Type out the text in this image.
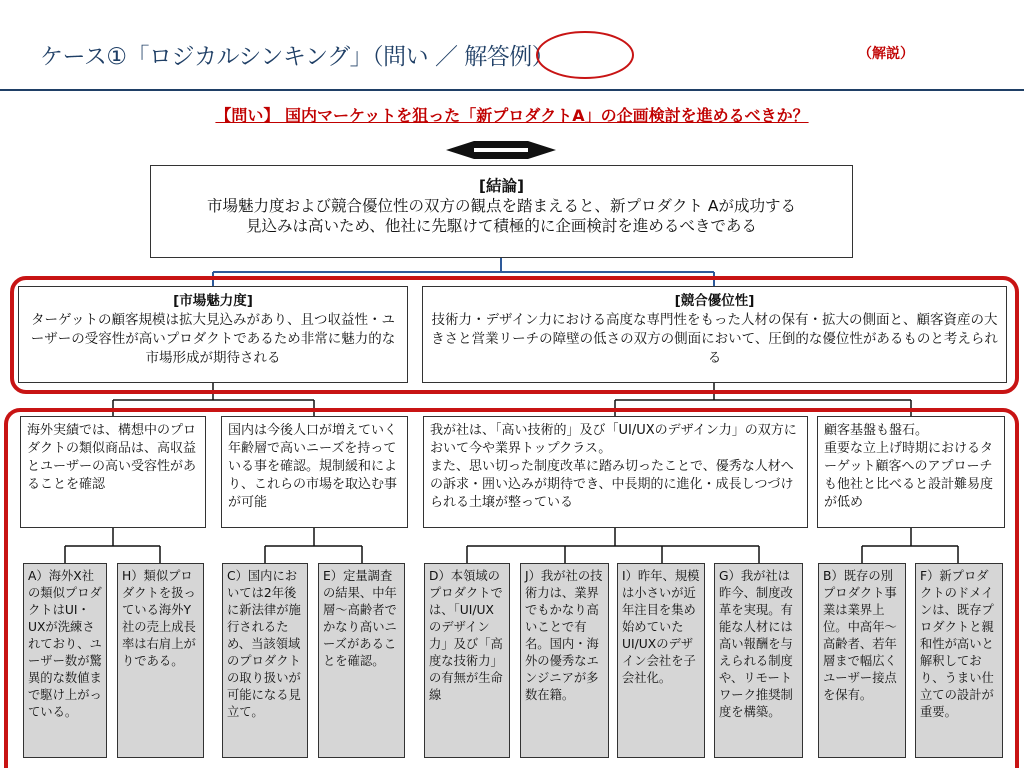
ケース①「ロジカルシンキング」（問い ／ 解答例）	（解説）
【問い】 国内マーケットを狙った「新プロダクトA」の企画検討を進めるべきか？
[結論]
市場魅力度および競合優位性の双方の観点を踏まえると、新プロダクト Aが成功する
見込みは高いため、他社に先駆けて積極的に企画検討を進めるべきである
[市場魅力度]
ターゲットの顧客規模は拡大見込みがあり、且つ収益性・ユーザーの受容性が高いプロダクトであるため非常に魅力的な市場形成が期待される
[競合優位性]
技術力・デザイン力における高度な専門性をもった人材の保有・拡大の側面と、顧客資産の大きさと営業リーチの障壁の低さの双方の側面において、圧倒的な優位性があるものと考えられる
海外実績では、構想中のプロダクトの類似商品は、高収益とユーザーの高い受容性があることを確認
国内は今後人口が増えていく年齢層で高いニーズを持っている事を確認。規制緩和により、これらの市場を取込む事が可能
我が社は、「高い技術的」及び「UI/UXのデザイン力」の双方において今や業界トップクラス。
また、思い切った制度改革に踏み切ったことで、優秀な人材への訴求・囲い込みが期待でき、中長期的に進化・成長しつづけられる土壌が整っている
顧客基盤も盤石。
重要な立上げ時期におけるターゲット顧客へのアプローチも他社と比べると設計難易度が低め
A）海外X社の類似プロダクトはUI・UXが洗練されており、ユーザー数が驚異的な数値まで駆け上がっている。
H）類似プロダクトを扱っている海外Y社の売上成長率は右肩上がりである。
C）国内においては2年後に新法律が施行されるため、当該領域のプロダクトの取り扱いが可能になる見立て。
E）定量調査の結果、中年層～高齢者でかなり高いニーズがあることを確認。
D）本領域のプロダクトでは、「UI/UXのデザイン力」及び「高度な技術力」の有無が生命線
J）我が社の技術力は、業界でもかなり高いことで有名。国内・海外の優秀なエンジニアが多数在籍。
I）昨年、規模は小さいが近年注目を集め始めていたUI/UXのデザイン会社を子会社化。
G）我が社は昨今、制度改革を実現。有能な人材には高い報酬を与えられる制度や、リモートワーク推奨制度を構築。
B）既存の別プロダクト事業は業界上位。中高年～高齢者、若年層まで幅広くユーザー接点を保有。
F）新プロダクトのドメインは、既存プロダクトと親和性が高いと解釈しており、うまい仕立ての設計が重要。
